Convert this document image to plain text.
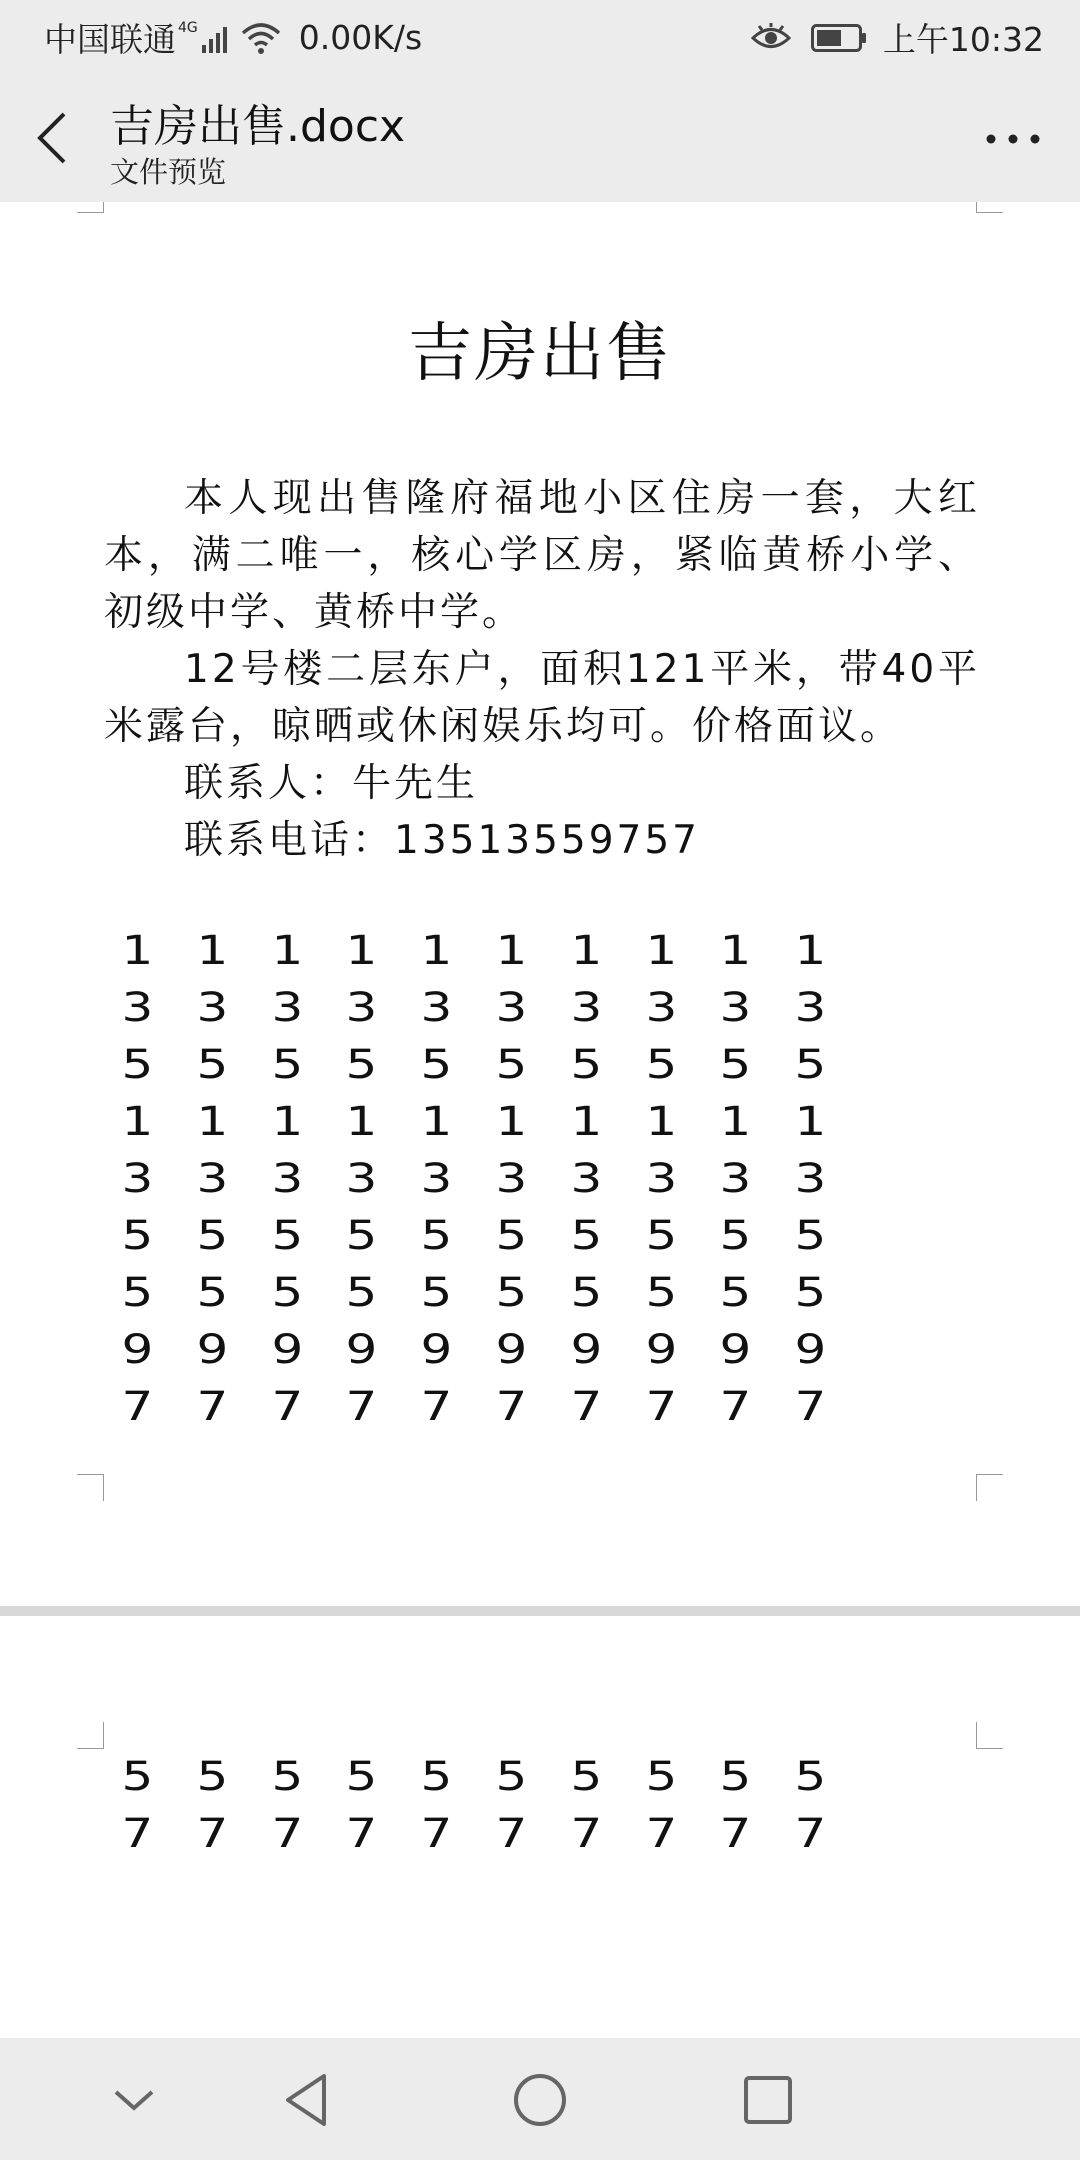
中国联通 4G	0.00K/s	上午10:32
吉房出售.docx
文件预览
吉房出售
本人现出售隆府福地小区住房一套，大红本，满二唯一，核心学区房，紧临黄桥小学、初级中学、黄桥中学。
12号楼二层东户，面积121平米，带40平米露台，晾晒或休闲娱乐均可。价格面议。
联系人：牛先生
联系电话：13513559757
1	1	1	1	1	1	1	1	1	1
3	3	3	3	3	3	3	3	3	3
5	5	5	5	5	5	5	5	5	5
1	1	1	1	1	1	1	1	1	1
3	3	3	3	3	3	3	3	3	3
5	5	5	5	5	5	5	5	5	5
5	5	5	5	5	5	5	5	5	5
9	9	9	9	9	9	9	9	9	9
7	7	7	7	7	7	7	7	7	7
5	5	5	5	5	5	5	5	5	5
7	7	7	7	7	7	7	7	7	7
